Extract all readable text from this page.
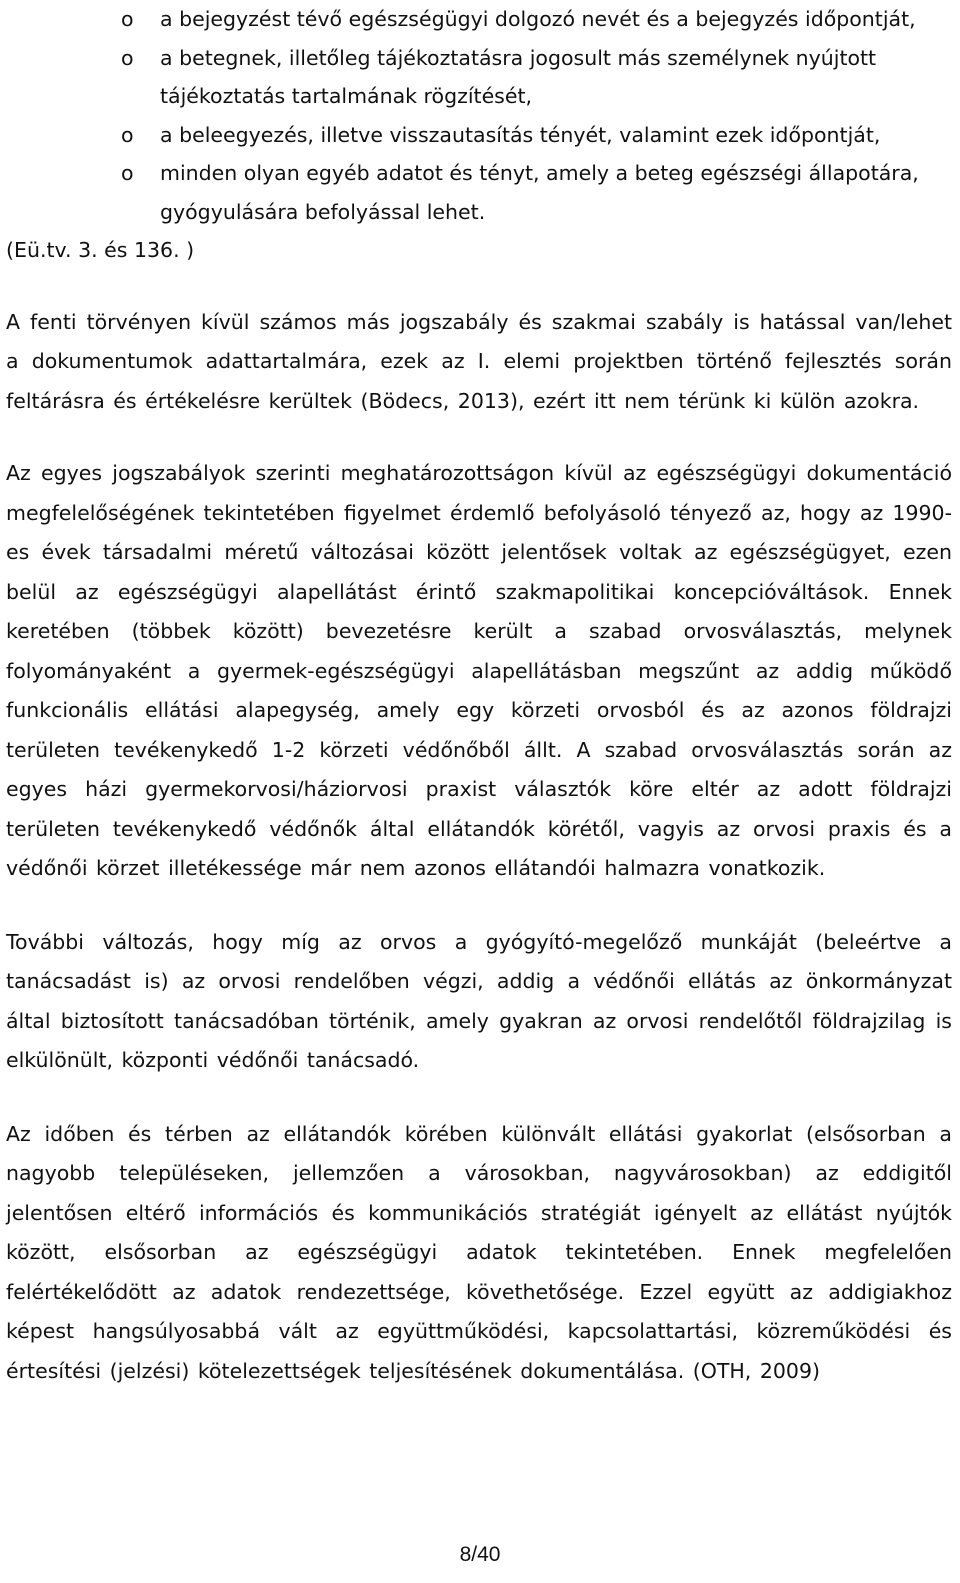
o a bejegyzést tévő egészségügyi dolgozó nevét és a bejegyzés időpontját,
o a betegnek, illetőleg tájékoztatásra jogosult más személynek nyújtott tájékoztatás tartalmának rögzítését,
o a beleegyezés, illetve visszautasítás tényét, valamint ezek időpontját,
o minden olyan egyéb adatot és tényt, amely a beteg egészségi állapotára, gyógyulására befolyással lehet.

(Eü.tv. 3. és 136. )

A fenti törvényen kívül számos más jogszabály és szakmai szabály is hatással van/lehet a dokumentumok adattartalmára, ezek az I. elemi projektben történő fejlesztés során feltárásra és értékelésre kerültek (Bödecs, 2013), ezért itt nem térünk ki külön azokra.

Az egyes jogszabályok szerinti meghatározottságon kívül az egészségügyi dokumentáció megfelelőségének tekintetében figyelmet érdemlő befolyásoló tényező az, hogy az 1990-es évek társadalmi méretű változásai között jelentősek voltak az egészségügyet, ezen belül az egészségügyi alapellátást érintő szakmapolitikai koncepcióváltások. Ennek keretében (többek között) bevezetésre került a szabad orvosválasztás, melynek folyományaként a gyermek-egészségügyi alapellátásban megszűnt az addig működő funkcionális ellátási alapegység, amely egy körzeti orvosból és az azonos földrajzi területen tevékenykedő 1-2 körzeti védőnőből állt. A szabad orvosválasztás során az egyes házi gyermekorvosi/háziorvosi praxist választók köre eltér az adott földrajzi területen tevékenykedő védőnők által ellátandók körétől, vagyis az orvosi praxis és a védőnői körzet illetékessége már nem azonos ellátandói halmazra vonatkozik.

További változás, hogy míg az orvos a gyógyító-megelőző munkáját (beleértve a tanácsadást is) az orvosi rendelőben végzi, addig a védőnői ellátás az önkormányzat által biztosított tanácsadóban történik, amely gyakran az orvosi rendelőtől földrajzilag is elkülönült, központi védőnői tanácsadó.

Az időben és térben az ellátandók körében különvált ellátási gyakorlat (elsősorban a nagyobb településeken, jellemzően a városokban, nagyvárosokban) az eddigitől jelentősen eltérő információs és kommunikációs stratégiát igényelt az ellátást nyújtók között, elsősorban az egészségügyi adatok tekintetében. Ennek megfelelően felértékelődött az adatok rendezettsége, követhetősége. Ezzel együtt az addigiakhoz képest hangsúlyosabbá vált az együttműködési, kapcsolattartási, közreműködési és értesítési (jelzési) kötelezettségek teljesítésének dokumentálása. (OTH, 2009)

8/40
